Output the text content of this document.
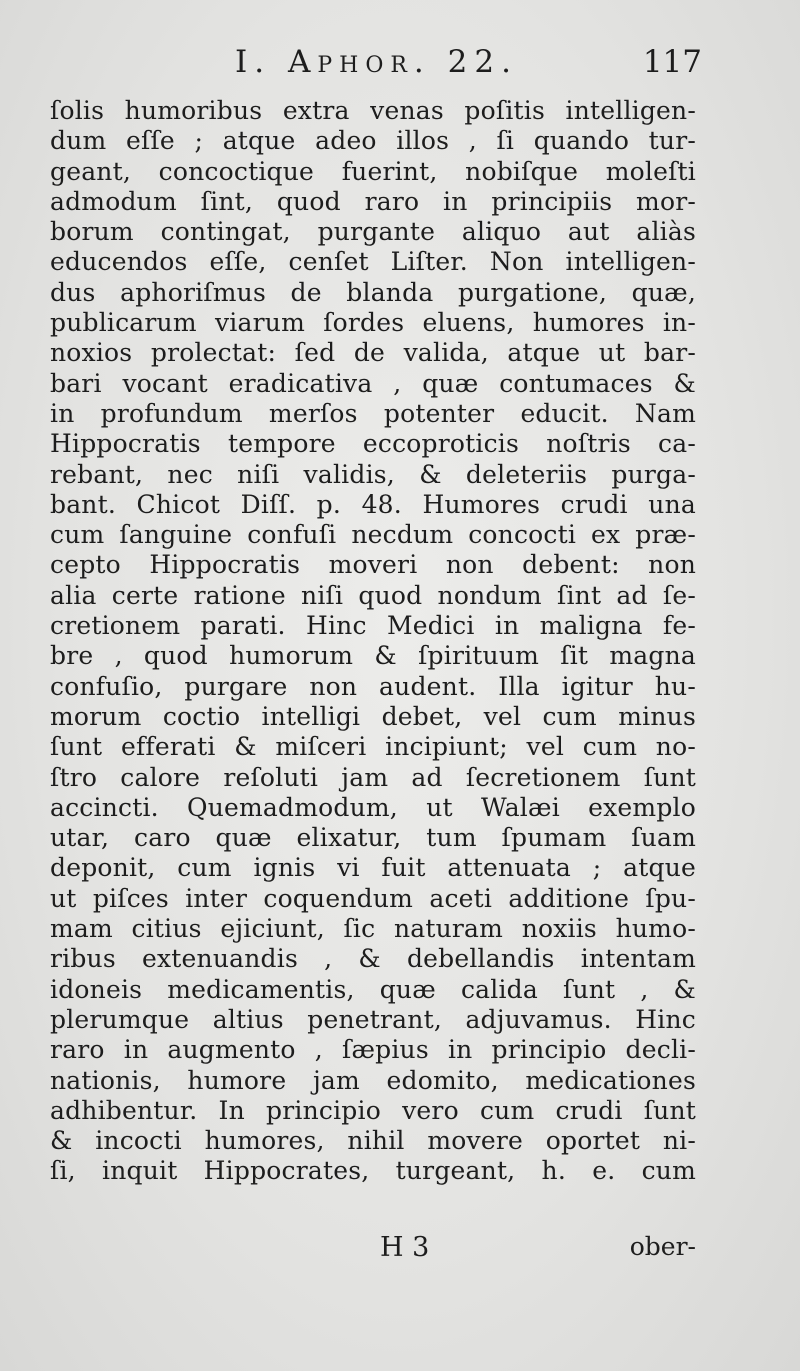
I. Aphor. 22.	117
ſolis humoribus extra venas poſitis intelligen-
dum eſſe ; atque adeo illos , ſi quando tur-
geant, concoctique fuerint, nobiſque moleſti
admodum ſint, quod raro in principiis mor-
borum contingat, purgante aliquo aut aliàs
educendos eſſe, cenſet Liſter. Non intelligen-
dus aphoriſmus de blanda purgatione, quæ,
publicarum viarum ſordes eluens, humores in-
noxios prolectat: ſed de valida, atque ut bar-
bari vocant eradicativa , quæ contumaces &
in profundum merſos potenter educit. Nam
Hippocratis tempore eccoproticis noſtris ca-
rebant, nec niſi validis, & deleteriis purga-
bant. Chicot Diſſ. p. 48. Humores crudi una
cum ſanguine confuſi necdum concocti ex præ-
cepto Hippocratis moveri non debent: non
alia certe ratione niſi quod nondum ſint ad ſe-
cretionem parati. Hinc Medici in maligna fe-
bre , quod humorum & ſpirituum ſit magna
confuſio, purgare non audent. Illa igitur hu-
morum coctio intelligi debet, vel cum minus
ſunt efferati & miſceri incipiunt; vel cum no-
ſtro calore reſoluti jam ad ſecretionem ſunt
accincti. Quemadmodum, ut Walæi exemplo
utar, caro quæ elixatur, tum ſpumam ſuam
deponit, cum ignis vi fuit attenuata ; atque
ut piſces inter coquendum aceti additione ſpu-
mam citius ejiciunt, ſic naturam noxiis humo-
ribus extenuandis , & debellandis intentam
idoneis medicamentis, quæ calida ſunt , &
plerumque altius penetrant, adjuvamus. Hinc
raro in augmento , ſæpius in principio decli-
nationis, humore jam edomito, medicationes
adhibentur. In principio vero cum crudi ſunt
& incocti humores, nihil movere oportet ni-
ſi, inquit Hippocrates, turgeant, h. e. cum
H 3	ober-
